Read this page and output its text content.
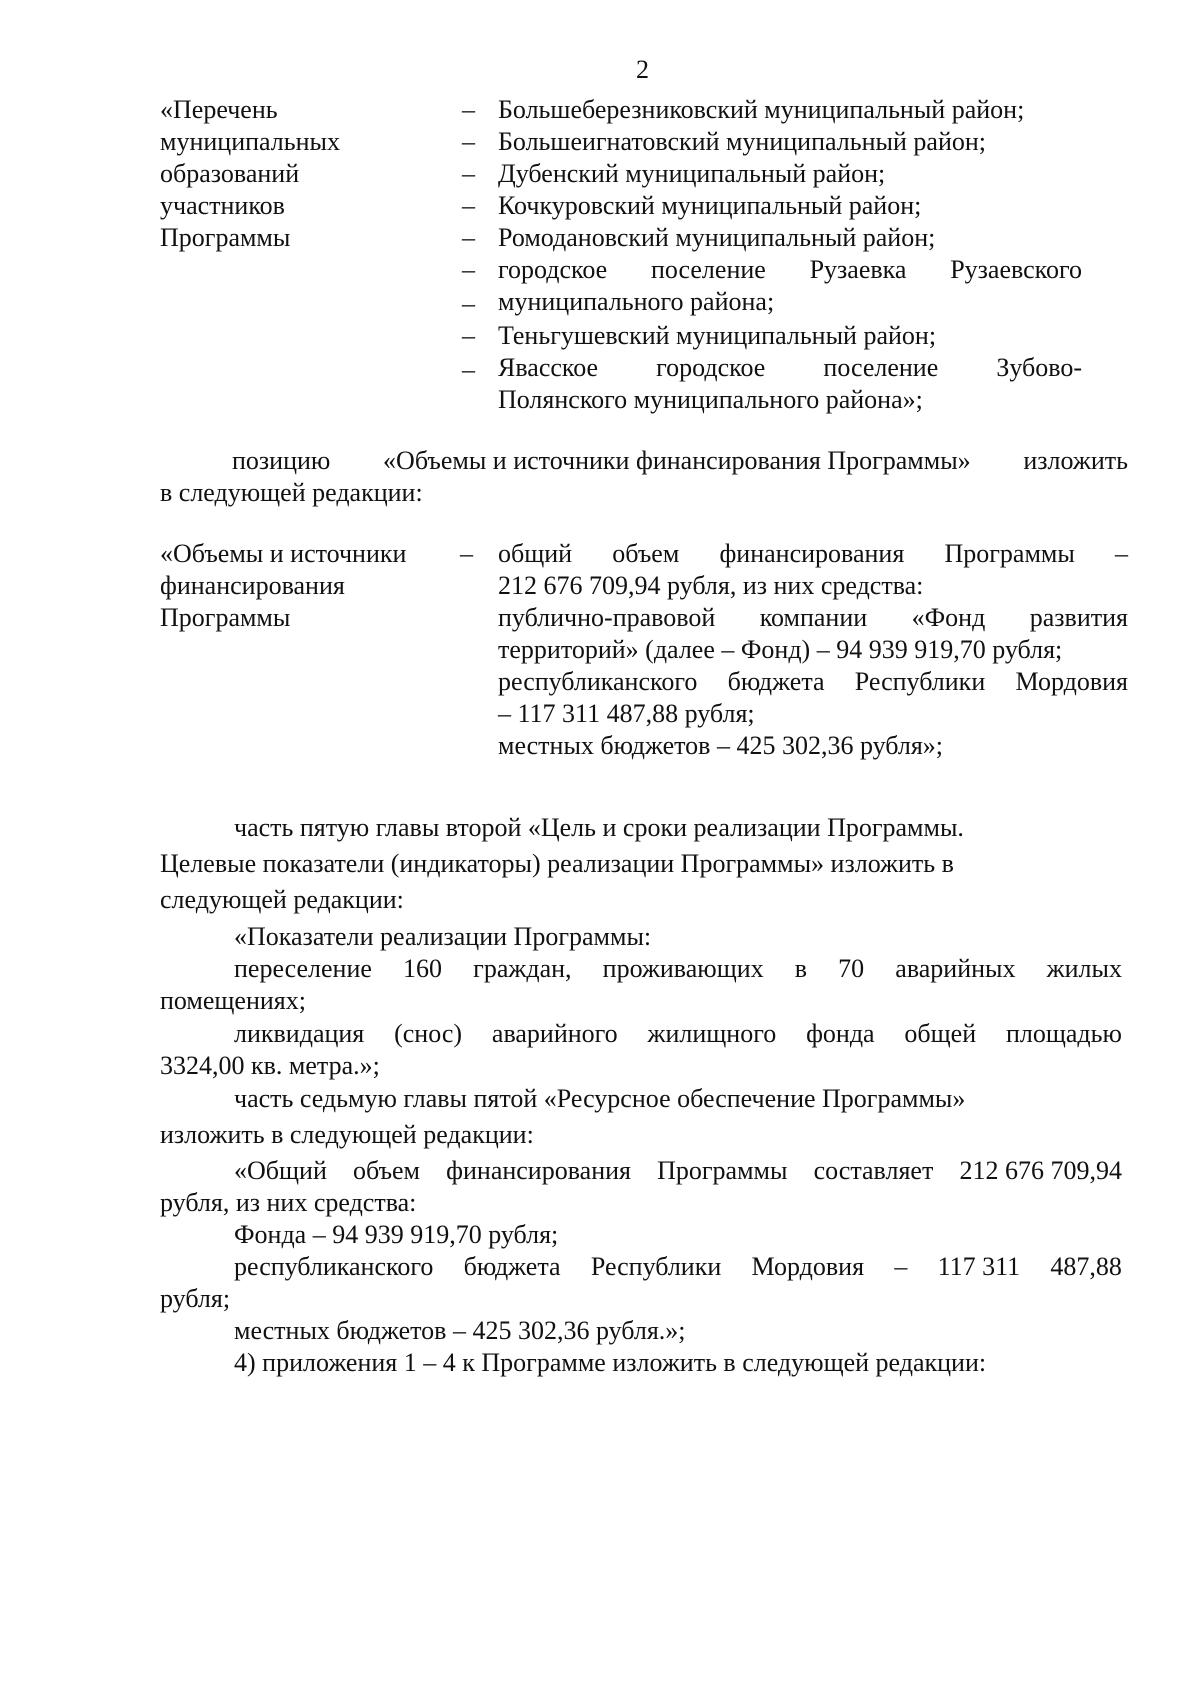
2
«Перечень
муниципальных
образований
участников
Программы
–
–
–
–
–
–
–
–
–
Большеберезниковский муниципальный район;
Большеигнатовский муниципальный район;
Дубенский муниципальный район;
Кочкуровский муниципальный район;
Ромодановский муниципальный район;
городское поселение Рузаевка Рузаевского
муниципального района;
Теньгушевский муниципальный район;
Явасское городское поселение Зубово-
Полянского муниципального района»;
позицию «Объемы и источники финансирования Программы» изложить
в следующей редакции:
«Объемы и источники –
финансирования
Программы
общий объем финансирования Программы –
212 676 709,94 рубля, из них средства:
публично-правовой компании «Фонд развития
территорий» (далее – Фонд) – 94 939 919,70 рубля;
республиканского бюджета Республики Мордовия
– 117 311 487,88 рубля;
местных бюджетов – 425 302,36 рубля»;
часть пятую главы второй «Цель и сроки реализации Программы.
Целевые показатели (индикаторы) реализации Программы» изложить в
следующей редакции:
«Показатели реализации Программы:
переселение 160 граждан, проживающих в 70 аварийных жилых
помещениях;
ликвидация (снос) аварийного жилищного фонда общей площадью
3324,00 кв. метра.»;
часть седьмую главы пятой «Ресурсное обеспечение Программы»
изложить в следующей редакции:
«Общий объем финансирования Программы составляет 212 676 709,94
рубля, из них средства:
Фонда – 94 939 919,70 рубля;
республиканского бюджета Республики Мордовия – 117 311 487,88
рубля;
местных бюджетов – 425 302,36 рубля.»;
4) приложения 1 – 4 к Программе изложить в следующей редакции:
